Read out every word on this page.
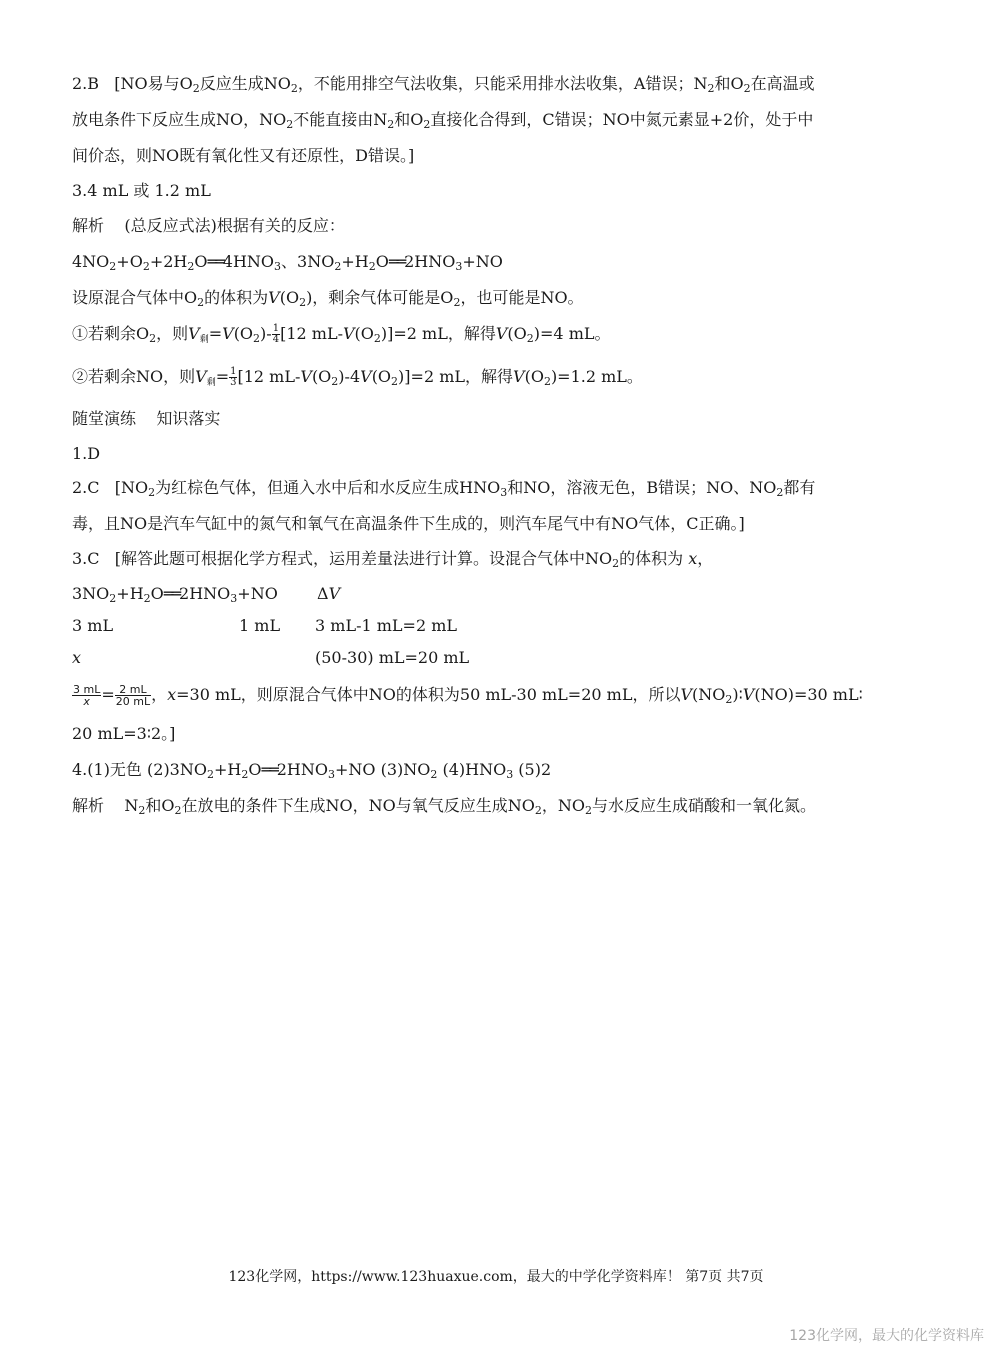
2.B   [NO易与$O_2$反应生成$NO_2$，不能用排空气法收集，只能采用排水法收集，A错误；$N_2$和$O_2$在高温或
放电条件下反应生成NO，$NO_2$不能直接由$N_2$和$O_2$直接化合得到，C错误；NO中氮元素显+2价，处于中
间价态，则NO既有氧化性又有还原性，D错误。]
3.4 mL 或 1.2 mL
解析    (总反应式法)根据有关的反应：
$4NO_2+O_2+2H_2O══4HNO_3$、$3NO_2+H_2O══2HNO_3+NO$
设原混合气体中$O_2$的体积为$V(O_2)$，剩余气体可能是$O_2$，也可能是NO。
①若剩余$O_2$，则$V_剩=V(O_2)- \frac{1}{4} [12$ $mL-V(O_2)]=2$ mL，解得$V(O_2)=4$ mL。
②若剩余NO，则$V_剩= \frac{1}{3} [12$ $mL-V(O_2)-4V(O_2)]=2$ mL，解得$V(O_2)=1.2$ mL。
随堂演练    知识落实
1.D
2.C   [$NO_2$为红棕色气体，但通入水中后和水反应生成$HNO_3$和NO，溶液无色，B错误；NO、$NO_2$都有
毒，且NO是汽车气缸中的氮气和氧气在高温条件下生成的，则汽车尾气中有NO气体，C正确。]
3.C   [解答此题可根据化学方程式，运用差量法进行计算。设混合气体中$NO_2$的体积为 x，
$3NO_2+H_2O══2HNO_3+NO$ ΔV
3 mL	1 mL 3 mL-1 mL=2 mL
x	(50-30) mL=20 mL
$\frac{3 mL}{x} = \frac{2 mL}{20 mL}$ ，x=30 mL，则原混合气体中NO的体积为50 mL-30 mL=20 mL，所以$V(NO_2)∶V(NO)=30$ mL∶
20 mL=3∶2。]
4.(1)无色 $(2)3NO_2+H_2O══2HNO_3+NO$ $(3)NO_2$ $(4)HNO_3$ (5)2
解析    $N_2$和$O_2$在放电的条件下生成NO，NO与氧气反应生成$NO_2$，$NO_2$与水反应生成硝酸和一氧化氮。
123化学网，https://www.123huaxue.com，最大的中学化学资料库！ 第7页 共7页
123化学网，最大的化学资料库
